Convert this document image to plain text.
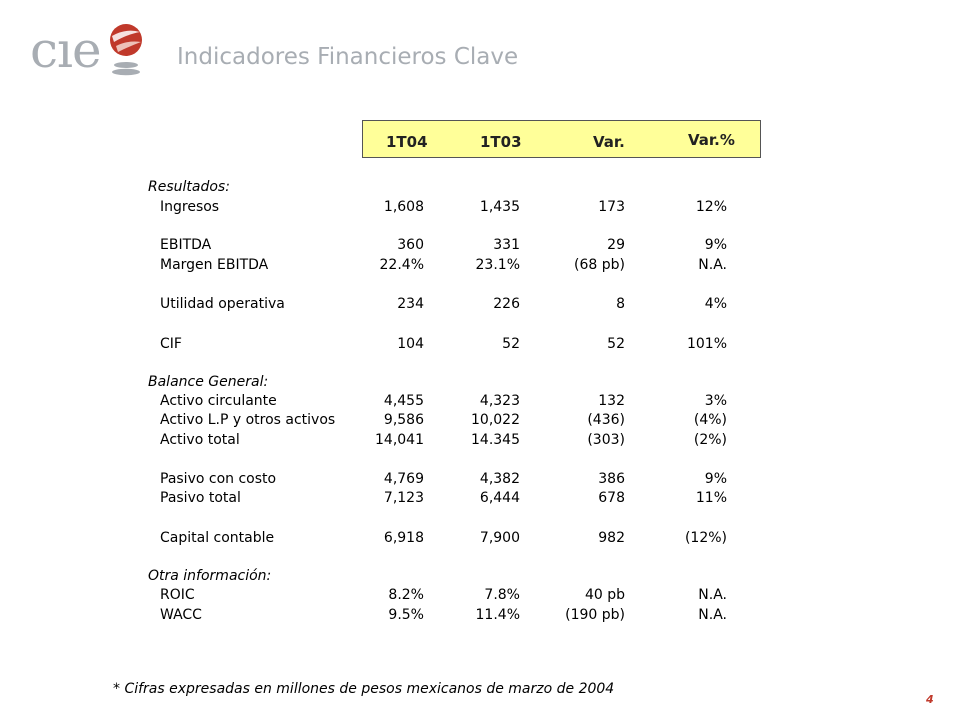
cıe	Indicadores Financieros Clave
1T04	1T03	Var.	Var.%
Resultados:
Balance General:
Otra información:
Ingresos	1,608	1,435	173	12%
EBITDA	360	331	29	9%
Margen EBITDA	22.4%	23.1%	(68 pb)	N.A.
Utilidad operativa	234	226	8	4%
CIF	104	52	52	101%
Activo circulante	4,455	4,323	132	3%
Activo L.P y otros activos	9,586	10,022	(436)	(4%)
Activo total	14,041	14.345	(303)	(2%)
Pasivo con costo	4,769	4,382	386	9%
Pasivo total	7,123	6,444	678	11%
Capital contable	6,918	7,900	982	(12%)
ROIC	8.2%	7.8%	40 pb	N.A.
WACC	9.5%	11.4%	(190 pb)	N.A.
* Cifras expresadas en millones de pesos mexicanos de marzo de 2004
4
